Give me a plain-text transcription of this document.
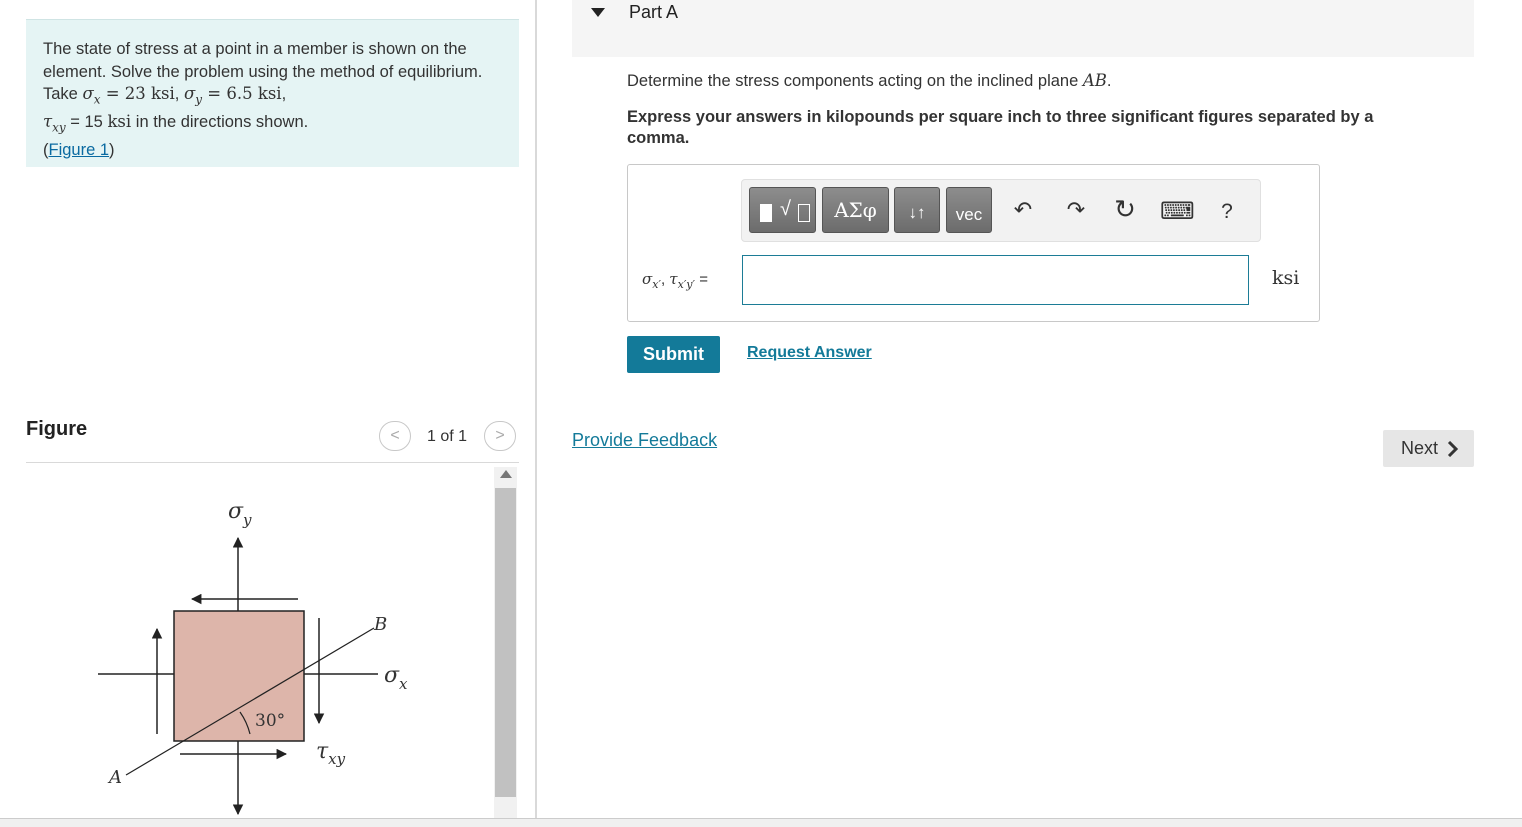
The state of stress at a point in a member is shown on the element. Solve the problem using the method of equilibrium. Take $\sigma_x = 23$ ksi, $\sigma_y = 6.5$ ksi,
$\tau_{xy} = 15$ ksi in the directions shown.
(Figure 1)
Figure	<	1 of 1	>
$\sigma_y$
$\sigma_x$
$\tau_{xy}$
A
B
30°
Part A
Determine the stress components acting on the inclined plane AB.
Express your answers in kilopounds per square inch to three significant figures separated by a comma.
√	ΑΣφ	↓↑	vec	↶ ↷ ↻ ⌨ ?
$\sigma_{x'}$, $\tau_{x'y'}$ =	ksi
Submit	Request Answer
Provide Feedback	Next
